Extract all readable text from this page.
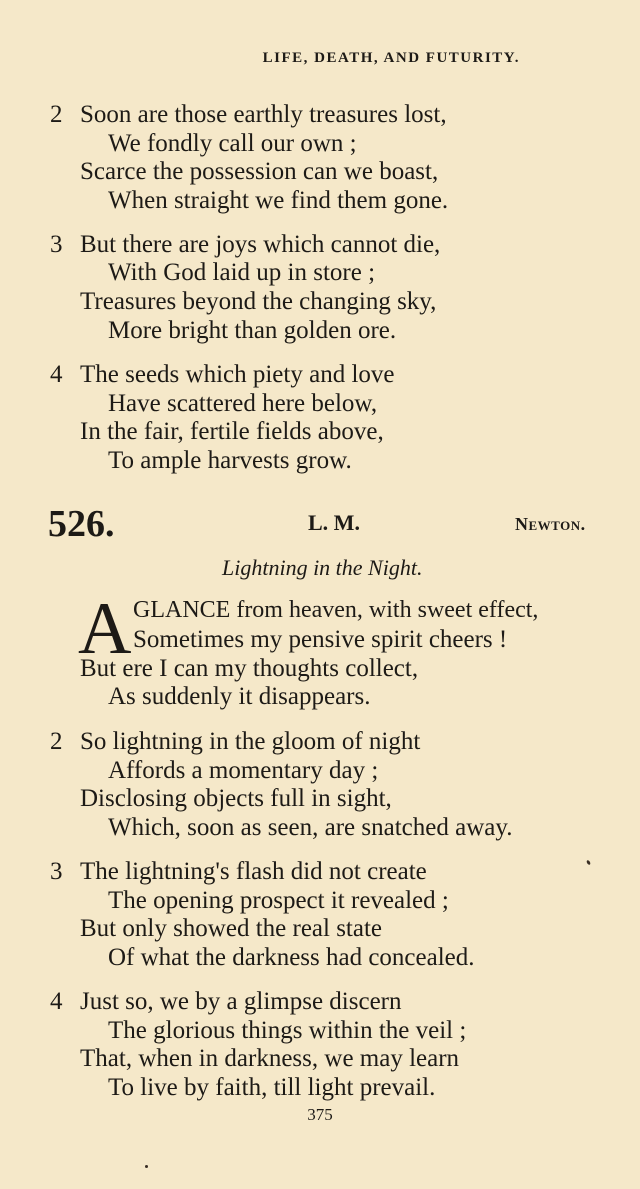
LIFE, DEATH, AND FUTURITY.
2 Soon are those earthly treasures lost,
We fondly call our own ;
Scarce the possession can we boast,
When straight we find them gone.
3 But there are joys which cannot die,
With God laid up in store ;
Treasures beyond the changing sky,
More bright than golden ore.
4 The seeds which piety and love
Have scattered here below,
In the fair, fertile fields above,
To ample harvests grow.
526.	L. M.	Newton.
Lightning in the Night.
A GLANCE from heaven, with sweet effect,
Sometimes my pensive spirit cheers !
But ere I can my thoughts collect,
As suddenly it disappears.
2 So lightning in the gloom of night
Affords a momentary day ;
Disclosing objects full in sight,
Which, soon as seen, are snatched away.
3 The lightning's flash did not create
The opening prospect it revealed ;
But only showed the real state
Of what the darkness had concealed.
4 Just so, we by a glimpse discern
The glorious things within the veil ;
That, when in darkness, we may learn
To live by faith, till light prevail.
375
